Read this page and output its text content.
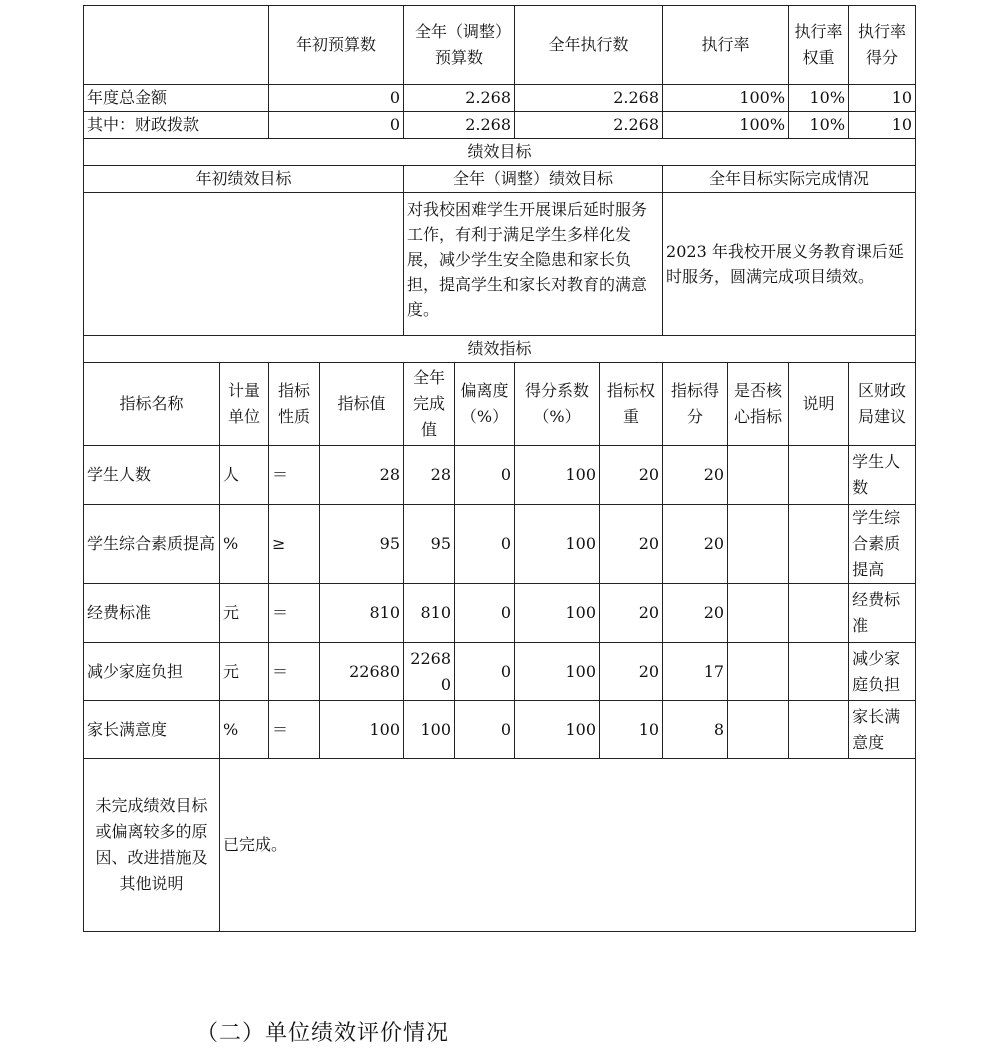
		年初预算数		全年（调整）预算数		全年执行数		执行率		执行率权重	执行率得分
年度总金额		0		2.268		2.268		100%		10%	10
其中：财政拨款		0		2.268		2.268		100%		10%	10
绩效目标											
年初绩效目标				全年（调整）绩效目标				全年目标实际完成情况			
				对我校困难学生开展课后延时服务工作，有利于满足学生多样化发展，减少学生安全隐患和家长负担，提高学生和家长对教育的满意度。				2023 年我校开展义务教育课后延时服务，圆满完成项目绩效。			
绩效指标											
指标名称	计量单位	指标性质	指标值	全年完成值	偏离度（%）	得分系数（%）	指标权重	指标得分	是否核心指标	说明	区财政局建议
学生人数	人	＝	28	28	0	100	20	20			学生人数
学生综合素质提高	%	≥	95	95	0	100	20	20			学生综合素质提高
经费标准	元	＝	810	810	0	100	20	20			经费标准
减少家庭负担	元	＝	22680	22680	0	100	20	17			减少家庭负担
家长满意度	%	＝	100	100	0	100	10	8			家长满意度
未完成绩效目标或偏离较多的原因、改进措施及其他说明	已完成。										
（二）单位绩效评价情况
